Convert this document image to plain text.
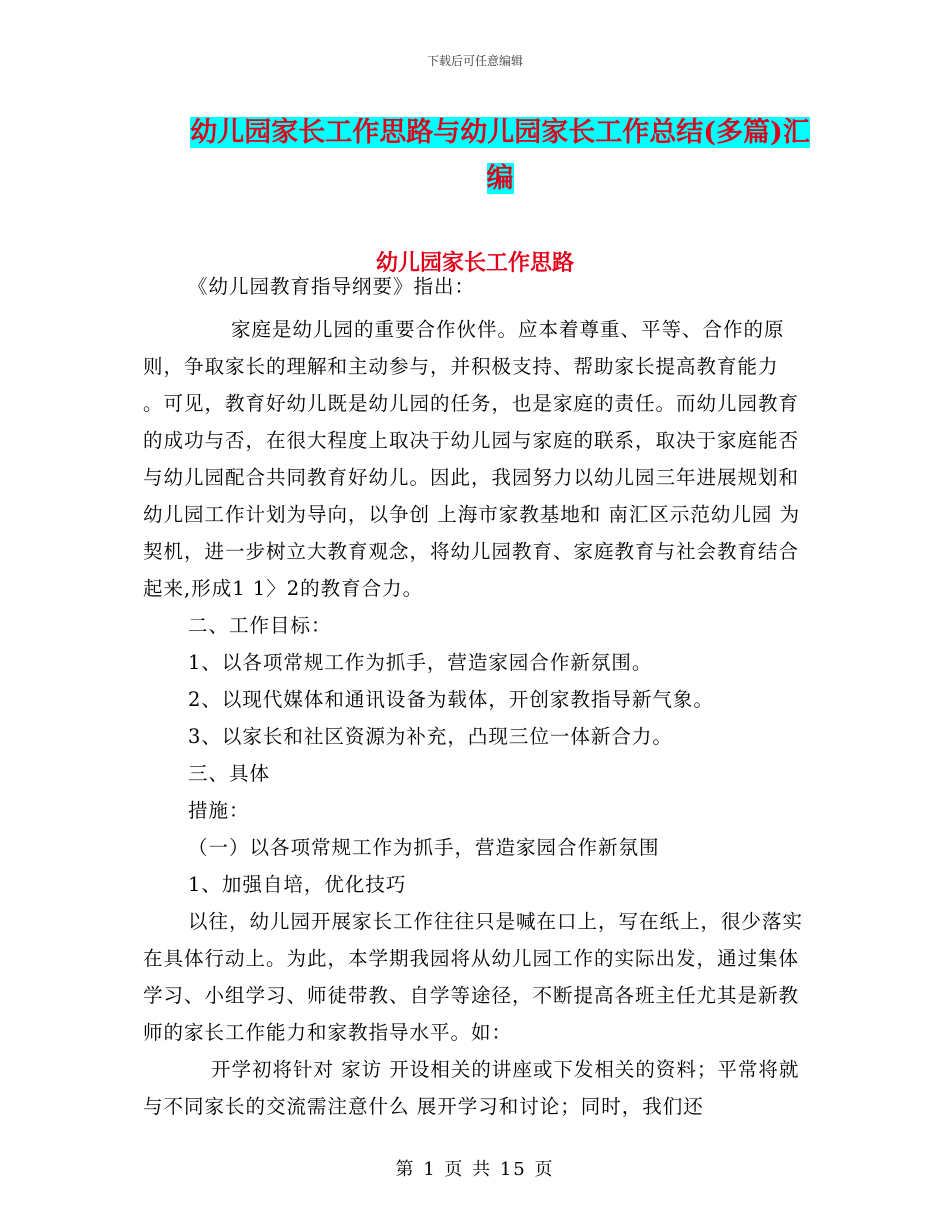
下载后可任意编辑
幼儿园家长工作思路与幼儿园家长工作总结(多篇)汇编
幼儿园家长工作思路

《幼儿园教育指导纲要》指出：

家庭是幼儿园的重要合作伙伴。应本着尊重、平等、合作的原则，争取家长的理解和主动参与，并积极支持、帮助家长提高教育能力 。可见，教育好幼儿既是幼儿园的任务，也是家庭的责任。而幼儿园教育的成功与否，在很大程度上取决于幼儿园与家庭的联系，取决于家庭能否与幼儿园配合共同教育好幼儿。因此，我园努力以幼儿园三年进展规划和幼儿园工作计划为导向，以争创 上海市家教基地和 南汇区示范幼儿园 为契机，进一步树立大教育观念，将幼儿园教育、家庭教育与社会教育结合起来,形成1 1〉2的教育合力。

二、工作目标：

1、以各项常规工作为抓手，营造家园合作新氛围。

2、以现代媒体和通讯设备为载体，开创家教指导新气象。

3、以家长和社区资源为补充，凸现三位一体新合力。

三、具体

措施：

（一）以各项常规工作为抓手，营造家园合作新氛围

1、加强自培，优化技巧

以往，幼儿园开展家长工作往往只是喊在口上，写在纸上，很少落实在具体行动上。为此，本学期我园将从幼儿园工作的实际出发，通过集体学习、小组学习、师徒带教、自学等途径，不断提高各班主任尤其是新教师的家长工作能力和家教指导水平。如：

开学初将针对 家访 开设相关的讲座或下发相关的资料；平常将就 与不同家长的交流需注意什么 展开学习和讨论；同时，我们还

第 1 页 共 15 页
